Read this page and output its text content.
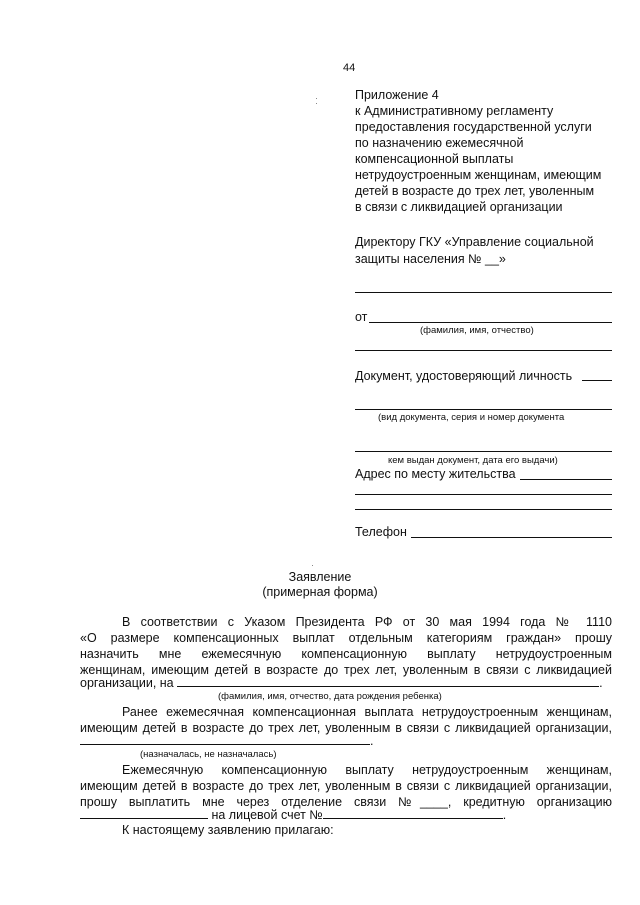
44
Приложение 4
к Административному регламенту
предоставления государственной услуги
по назначению ежемесячной
компенсационной выплаты
нетрудоустроенным женщинам, имеющим
детей в возрасте до трех лет, уволенным
в связи с ликвидацией организации
Директору ГКУ «Управление социальной
защиты населения № __»
от
(фамилия, имя, отчество)
Документ, удостоверяющий личность
(вид документа, серия и номер документа
кем выдан документ, дата его выдачи)
Адрес по месту жительства
Телефон
Заявление
(примерная форма)
В соответствии с Указом Президента РФ от 30 мая 1994 года № 1110
«О размере компенсационных выплат отдельным категориям граждан» прошу
назначить мне ежемесячную компенсационную выплату нетрудоустроенным
женщинам, имеющим детей в возрасте до трех лет, уволенным в связи с ликвидацией
организации, на	.
(фамилия, имя, отчество, дата рождения ребенка)
Ранее ежемесячная компенсационная выплата нетрудоустроенным женщинам,
имеющим детей в возрасте до трех лет, уволенным в связи с ликвидацией организации,
.
(назначалась, не назначалась)
Ежемесячную компенсационную выплату нетрудоустроенным женщинам,
имеющим детей в возрасте до трех лет, уволенным в связи с ликвидацией организации,
прошу выплатить мне через отделение связи №____, кредитную организацию
на лицевой счет №	.
К настоящему заявлению прилагаю:
